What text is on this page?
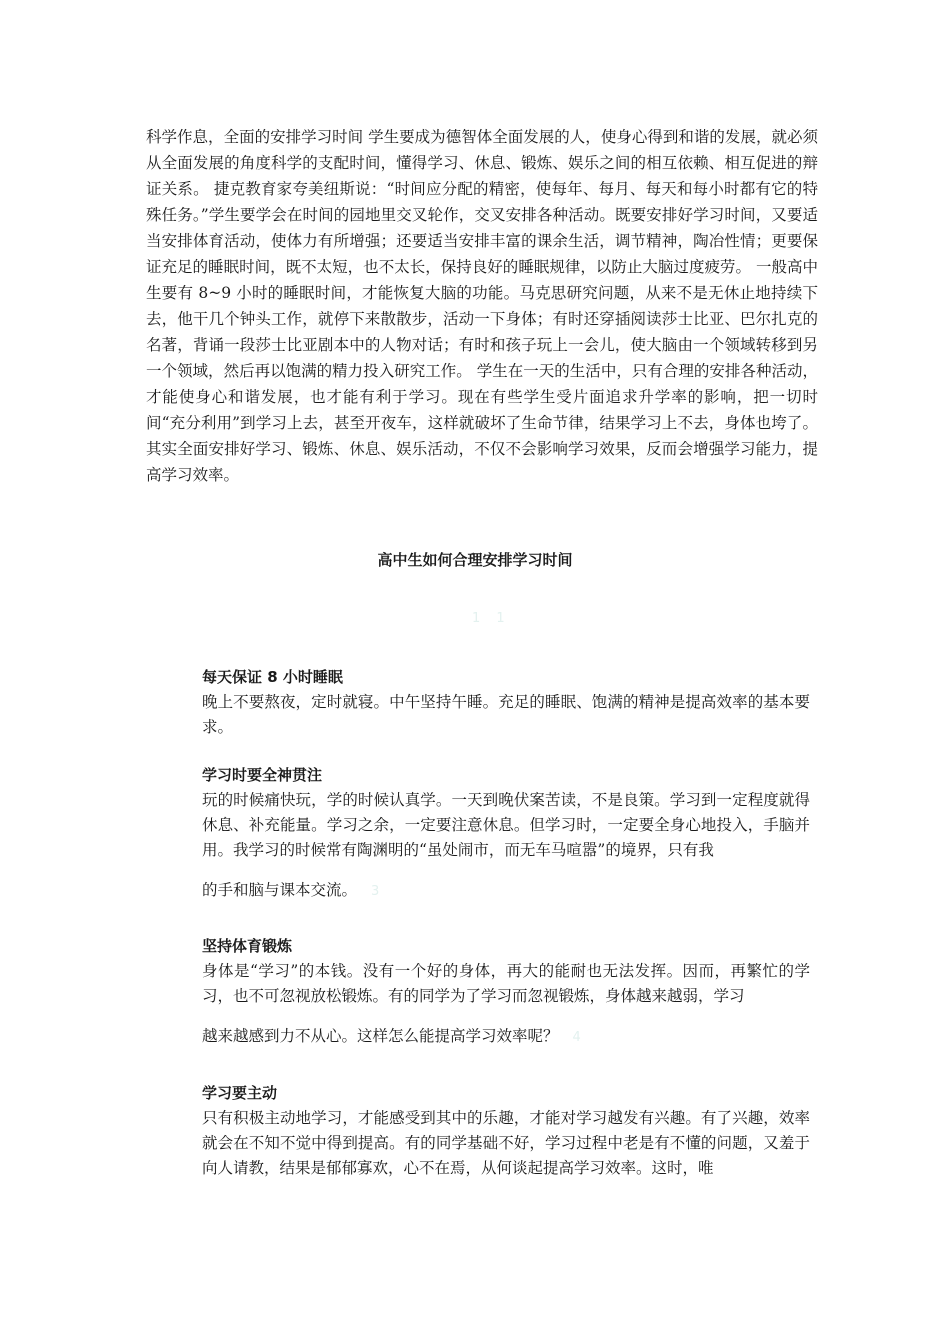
科学作息，全面的安排学习时间 学生要成为德智体全面发展的人，使身心得到和谐的发展，就必须从全面发展的角度科学的支配时间，懂得学习、休息、锻炼、娱乐之间的相互依赖、相互促进的辩证关系。 捷克教育家夸美纽斯说：“时间应分配的精密，使每年、每月、每天和每小时都有它的特殊任务。”学生要学会在时间的园地里交叉轮作，交叉安排各种活动。既要安排好学习时间，又要适当安排体育活动，使体力有所增强；还要适当安排丰富的课余生活，调节精神，陶冶性情；更要保证充足的睡眠时间，既不太短，也不太长，保持良好的睡眠规律，以防止大脑过度疲劳。 一般高中生要有 8~9 小时的睡眠时间，才能恢复大脑的功能。马克思研究问题，从来不是无休止地持续下去，他干几个钟头工作，就停下来散散步，活动一下身体；有时还穿插阅读莎士比亚、巴尔扎克的名著，背诵一段莎士比亚剧本中的人物对话；有时和孩子玩上一会儿，使大脑由一个领域转移到另一个领域，然后再以饱满的精力投入研究工作。 学生在一天的生活中，只有合理的安排各种活动，才能使身心和谐发展，也才能有利于学习。现在有些学生受片面追求升学率的影响，把一切时间“充分利用”到学习上去，甚至开夜车，这样就破坏了生命节律，结果学习上不去，身体也垮了。其实全面安排好学习、锻炼、休息、娱乐活动，不仅不会影响学习效果，反而会增强学习能力，提高学习效率。

高中生如何合理安排学习时间
1 1
每天保证 8 小时睡眠

晚上不要熬夜，定时就寝。中午坚持午睡。充足的睡眠、饱满的精神是提高效率的基本要求。

学习时要全神贯注

玩的时候痛快玩，学的时候认真学。一天到晚伏案苦读，不是良策。学习到一定程度就得休息、补充能量。学习之余，一定要注意休息。但学习时，一定要全身心地投入，手脑并用。我学习的时候常有陶渊明的“虽处闹市，而无车马喧嚣”的境界，只有我

的手和脑与课本交流。 3

坚持体育锻炼

身体是“学习”的本钱。没有一个好的身体，再大的能耐也无法发挥。因而，再繁忙的学习，也不可忽视放松锻炼。有的同学为了学习而忽视锻炼，身体越来越弱，学习

越来越感到力不从心。这样怎么能提高学习效率呢？ 4

学习要主动

只有积极主动地学习，才能感受到其中的乐趣，才能对学习越发有兴趣。有了兴趣，效率就会在不知不觉中得到提高。有的同学基础不好，学习过程中老是有不懂的问题，又羞于向人请教，结果是郁郁寡欢，心不在焉，从何谈起提高学习效率。这时，唯
